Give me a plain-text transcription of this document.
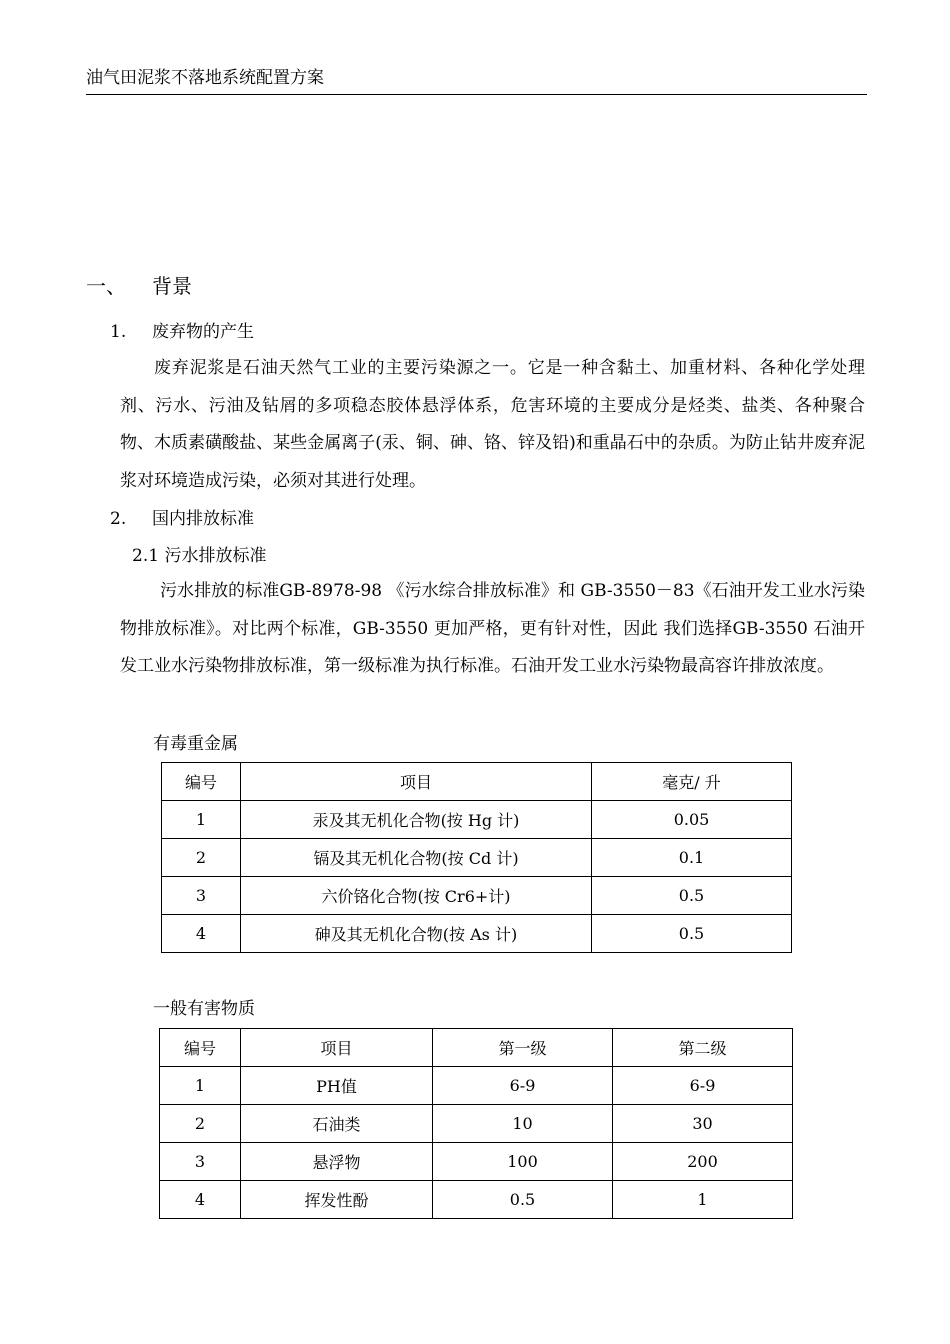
油气田泥浆不落地系统配置方案
一、 背景
1. 废弃物的产生

废弃泥浆是石油天然气工业的主要污染源之一。它是一种含黏土、加重材料、各种化学处理剂、污水、污油及钻屑的多项稳态胶体悬浮体系，危害环境的主要成分是烃类、盐类、各种聚合物、木质素磺酸盐、某些金属离子(汞、铜、砷、铬、锌及铅)和重晶石中的杂质。为防止钻井废弃泥浆对环境造成污染，必须对其进行处理。

2. 国内排放标准
2.1 污水排放标准

污水排放的标准GB-8978-98 《污水综合排放标准》和 GB-3550－83《石油开发工业水污染物排放标准》。对比两个标准，GB-3550 更加严格，更有针对性，因此 我们选择GB-3550 石油开发工业水污染物排放标准，第一级标准为执行标准。石油开发工业水污染物最高容许排放浓度。

有毒重金属
编号	项目	毫克/ 升
1	汞及其无机化合物(按 Hg 计)	0.05
2	镉及其无机化合物(按 Cd 计)	0.1
3	六价铬化合物(按 Cr6+计)	0.5
4	砷及其无机化合物(按 As 计)	0.5
一般有害物质
编号	项目	第一级	第二级
1	PH值	6-9	6-9
2	石油类	10	30
3	悬浮物	100	200
4	挥发性酚	0.5	1
